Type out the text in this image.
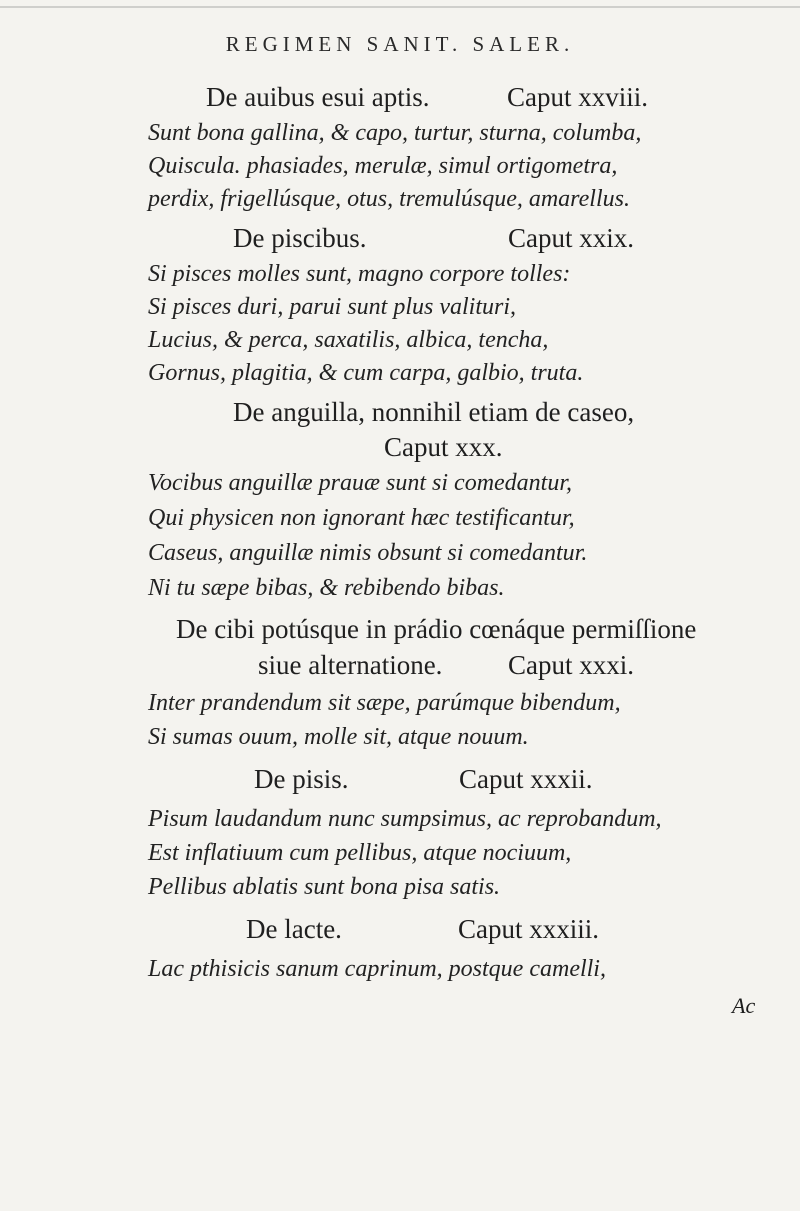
REGIMEN SANIT. SALER.
De auibus esui aptis.	Caput xxviii.
Sunt bona gallina, & capo, turtur, sturna, columba,
Quiscula. phasiades, merulæ, simul ortigometra,
perdix, frigellúsque, otus, tremulúsque, amarellus.
De piscibus.	Caput xxix.
Si pisces molles sunt, magno corpore tolles:
Si pisces duri, parui sunt plus valituri,
Lucius, & perca, saxatilis, albica, tencha,
Gornus, plagitia, & cum carpa, galbio, truta.
De anguilla, nonnihil etiam de caseo,
Caput xxx.
Vocibus anguillæ prauæ sunt si comedantur,
Qui physicen non ignorant hæc testificantur,
Caseus, anguillæ nimis obsunt si comedantur.
Ni tu sæpe bibas, & rebibendo bibas.
De cibi potúsque in prádio cœnáque permiſſione
siue alternatione. Caput xxxi.
Inter prandendum sit sæpe, parúmque bibendum,
Si sumas ouum, molle sit, atque nouum.
De pisis.	Caput xxxii.
Pisum laudandum nunc sumpsimus, ac reprobandum,
Est inflatiuum cum pellibus, atque nociuum,
Pellibus ablatis sunt bona pisa satis.
De lacte.	Caput xxxiii.
Lac pthisicis sanum caprinum, postque camelli,
Ac
